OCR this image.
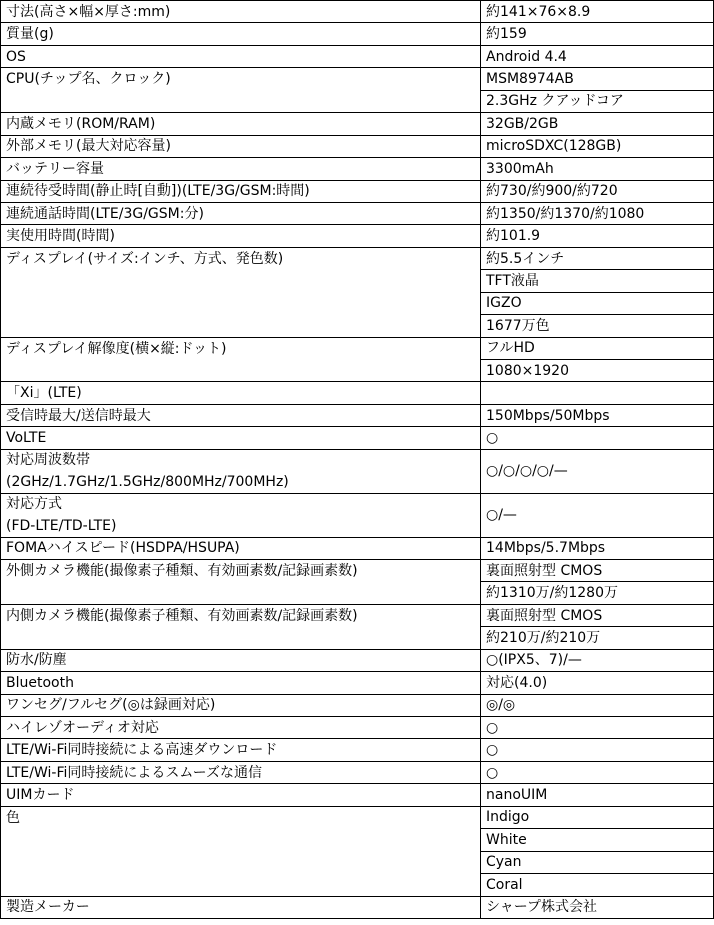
寸法(高さ×幅×厚さ:mm)	約141×76×8.9
質量(g)	約159
OS	Android 4.4
CPU(チップ名、クロック)	MSM8974AB
	2.3GHz クアッドコア
内蔵メモリ(ROM/RAM)	32GB/2GB
外部メモリ(最大対応容量)	microSDXC(128GB)
バッテリー容量	3300mAh
連続待受時間(静止時[自動])(LTE/3G/GSM:時間)	約730/約900/約720
連続通話時間(LTE/3G/GSM:分)	約1350/約1370/約1080
実使用時間(時間)	約101.9
ディスプレイ(サイズ:インチ、方式、発色数)	約5.5インチ
	TFT液晶
	IGZO
	1677万色
ディスプレイ解像度(横×縦:ドット)	フルHD
	1080×1920
「Xi」(LTE)	
受信時最大/送信時最大	150Mbps/50Mbps
VoLTE	○
対応周波数帯	○/○/○/○/—
(2GHz/1.7GHz/1.5GHz/800MHz/700MHz)	
対応方式	○/—
(FD-LTE/TD-LTE)	
FOMAハイスピード(HSDPA/HSUPA)	14Mbps/5.7Mbps
外側カメラ機能(撮像素子種類、有効画素数/記録画素数)	裏面照射型 CMOS
	約1310万/約1280万
内側カメラ機能(撮像素子種類、有効画素数/記録画素数)	裏面照射型 CMOS
	約210万/約210万
防水/防塵	○(IPX5、7)/—
Bluetooth	対応(4.0)
ワンセグ/フルセグ(◎は録画対応)	◎/◎
ハイレゾオーディオ対応	○
LTE/Wi-Fi同時接続による高速ダウンロード	○
LTE/Wi-Fi同時接続によるスムーズな通信	○
UIMカード	nanoUIM
色	Indigo
	White
	Cyan
	Coral
製造メーカー	シャープ株式会社
